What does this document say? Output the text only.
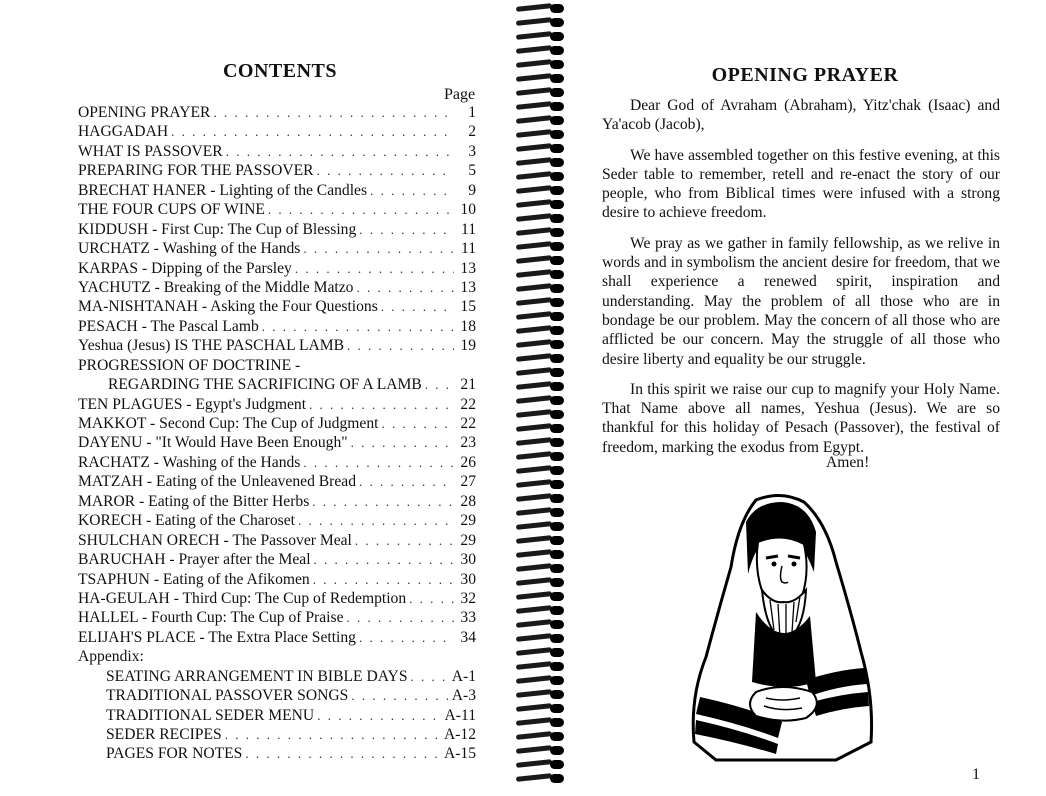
CONTENTS
Page
OPENING PRAYER . . .	1
HAGGADAH . . .	2
WHAT IS PASSOVER . . .	3
PREPARING FOR THE PASSOVER . . .	5
BRECHAT HANER - Lighting of the Candles . . .	9
THE FOUR CUPS OF WINE . . .	10
KIDDUSH - First Cup: The Cup of Blessing . . .	11
URCHATZ - Washing of the Hands . . .	11
KARPAS - Dipping of the Parsley . . .	13
YACHUTZ - Breaking of the Middle Matzo . . .	13
MA-NISHTANAH - Asking the Four Questions . . .	15
PESACH - The Pascal Lamb . . .	18
Yeshua (Jesus) IS THE PASCHAL LAMB . . .	19
PROGRESSION OF DOCTRINE -
REGARDING THE SACRIFICING OF A LAMB . . .	21
TEN PLAGUES - Egypt's Judgment . . .	22
MAKKOT - Second Cup: The Cup of Judgment . . .	22
DAYENU - "It Would Have Been Enough" . . .	23
RACHATZ - Washing of the Hands . . .	26
MATZAH - Eating of the Unleavened Bread . . .	27
MAROR - Eating of the Bitter Herbs . . .	28
KORECH - Eating of the Charoset . . .	29
SHULCHAN ORECH - The Passover Meal . . .	29
BARUCHAH - Prayer after the Meal . . .	30
TSAPHUN - Eating of the Afikomen . . .	30
HA-GEULAH - Third Cup: The Cup of Redemption . . .	32
HALLEL - Fourth Cup: The Cup of Praise . . .	33
ELIJAH'S PLACE - The Extra Place Setting . . .	34
Appendix:
SEATING ARRANGEMENT IN BIBLE DAYS . . .	A-1
TRADITIONAL PASSOVER SONGS . . .	A-3
TRADITIONAL SEDER MENU . . .	A-11
SEDER RECIPES . . .	A-12
PAGES FOR NOTES . . .	A-15
OPENING PRAYER

Dear God of Avraham (Abraham), Yitz'chak (Isaac) and Ya'acob (Jacob),

We have assembled together on this festive evening, at this Seder table to remember, retell and re-enact the story of our people, who from Biblical times were infused with a strong desire to achieve freedom.

We pray as we gather in family fellowship, as we relive in words and in symbolism the ancient desire for freedom, that we shall experience a renewed spirit, inspiration and understanding. May the problem of all those who are in bondage be our problem. May the concern of all those who are afflicted be our concern. May the struggle of all those who desire liberty and equality be our struggle.

In this spirit we raise our cup to magnify your Holy Name. That Name above all names, Yeshua (Jesus). We are so thankful for this holiday of Pesach (Passover), the festival of freedom, marking the exodus from Egypt.

Amen!
1
